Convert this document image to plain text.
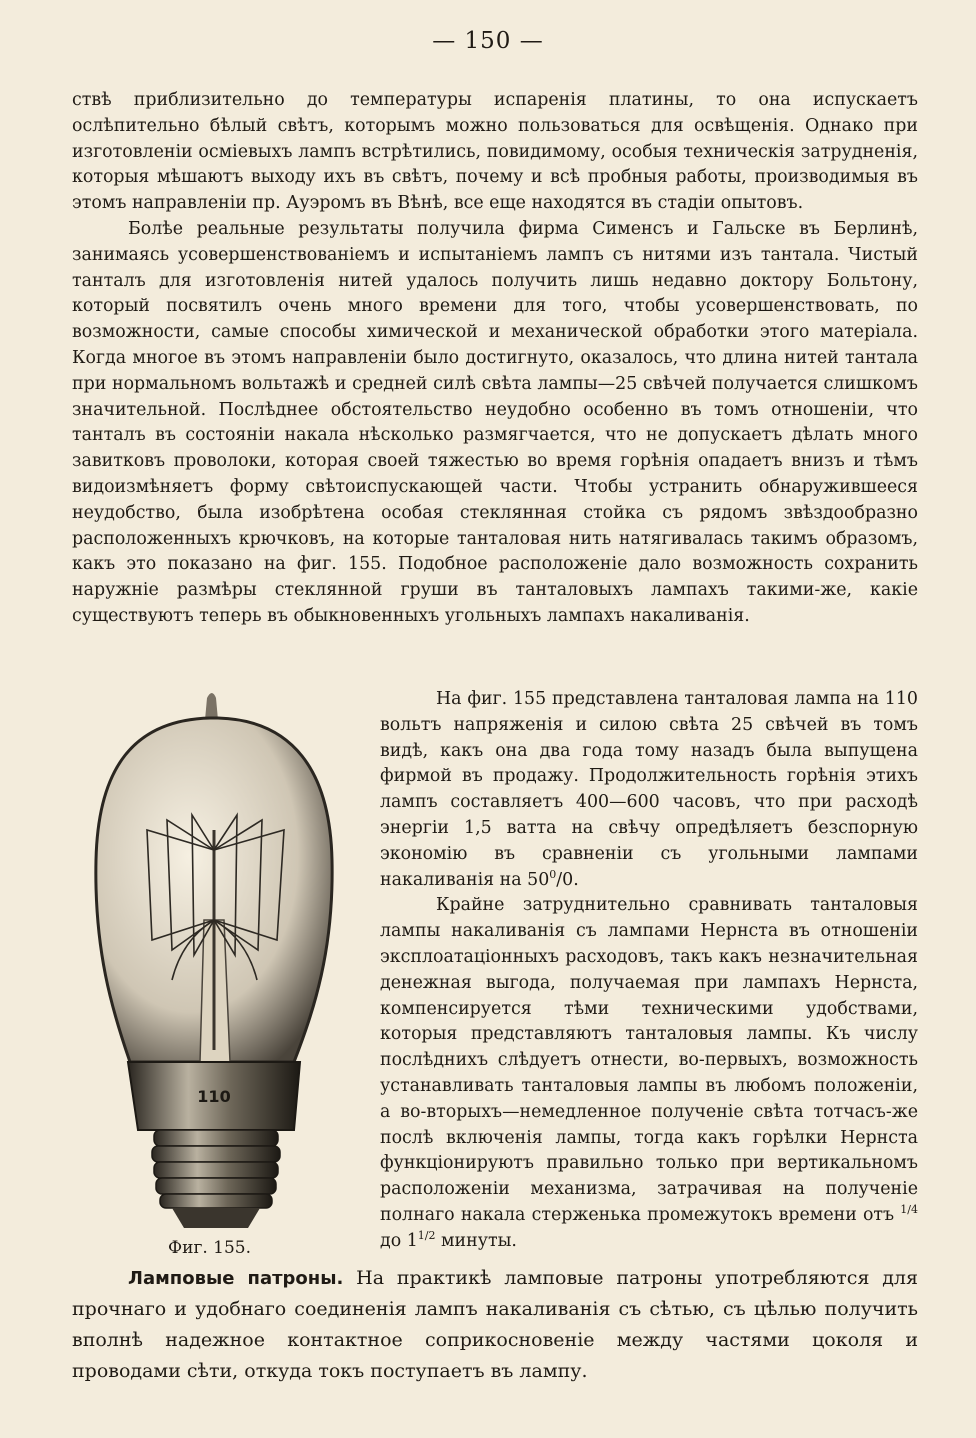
— 150 —

ствѣ приблизительно до температуры испаренія платины, то она испускаетъ ослѣпительно бѣлый свѣтъ, которымъ можно пользоваться для освѣщенія. Однако при изготовленіи осміевыхъ лампъ встрѣтились, повидимому, особыя техническія затрудненія, которыя мѣшаютъ выходу ихъ въ свѣтъ, почему и всѣ пробныя работы, производимыя въ этомъ направленіи пр. Ауэромъ въ Вѣнѣ, все еще находятся въ стадіи опытовъ.

Болѣе реальные результаты получила фирма Сименсъ и Гальске въ Берлинѣ, занимаясь усовершенствованіемъ и испытаніемъ лампъ съ нитями изъ тантала. Чистый танталъ для изготовленія нитей удалось получить лишь недавно доктору Больтону, который посвятилъ очень много времени для того, чтобы усовершенствовать, по возможности, самые способы химической и механической обработки этого матеріала. Когда многое въ этомъ направленіи было достигнуто, оказалось, что длина нитей тантала при нормальномъ вольтажѣ и средней силѣ свѣта лампы—25 свѣчей получается слишкомъ значительной. Послѣднее обстоятельство неудобно особенно въ томъ отношеніи, что танталъ въ состояніи накала нѣсколько размягчается, что не допускаетъ дѣлать много завитковъ проволоки, которая своей тяжестью во время горѣнія опадаетъ внизъ и тѣмъ видоизмѣняетъ форму свѣтоиспускающей части. Чтобы устранить обнаружившееся неудобство, была изобрѣтена особая стеклянная стойка съ рядомъ звѣздообразно расположенныхъ крючковъ, на которые танталовая нить натягивалась такимъ образомъ, какъ это показано на фиг. 155. Подобное расположеніе дало возможность сохранить наружніе размѣры стеклянной груши въ танталовыхъ лампахъ такими-же, какіе существуютъ теперь въ обыкновенныхъ угольныхъ лампахъ накаливанія.

110
Фиг. 155.

На фиг. 155 представлена танталовая лампа на 110 вольтъ напряженія и силою свѣта 25 свѣчей въ томъ видѣ, какъ она два года тому назадъ была выпущена фирмой въ продажу. Продолжительность горѣнія этихъ лампъ составляетъ 400—600 часовъ, что при расходѣ энергіи 1,5 ватта на свѣчу опредѣляетъ безспорную экономію въ сравненіи съ угольными лампами накаливанія на $50^0/0$.

Крайне затруднительно сравнивать танталовыя лампы накаливанія съ лампами Нернста въ отношеніи эксплоатаціонныхъ расходовъ, такъ какъ незначительная денежная выгода, получаемая при лампахъ Нернста, компенсируется тѣми техническими удобствами, которыя представляютъ танталовыя лампы. Къ числу послѣднихъ слѣдуетъ отнести, во-первыхъ, возможность устанавливать танталовыя лампы въ любомъ положеніи, а во-вторыхъ—немедленное полученіе свѣта тотчасъ-же послѣ включенія лампы, тогда какъ горѣлки Нернста функціонируютъ правильно только при вертикальномъ расположеніи механизма, затрачивая на полученіе полнаго накала стерженька промежутокъ времени отъ $^{1/4}$ до $1^{1/2}$ минуты.

Ламповые патроны. На практикѣ ламповые патроны употребляются для прочнаго и удобнаго соединенія лампъ накаливанія съ сѣтью, съ цѣлью получить вполнѣ надежное контактное соприкосновеніе между частями цоколя и проводами сѣти, откуда токъ поступаетъ въ лампу.
